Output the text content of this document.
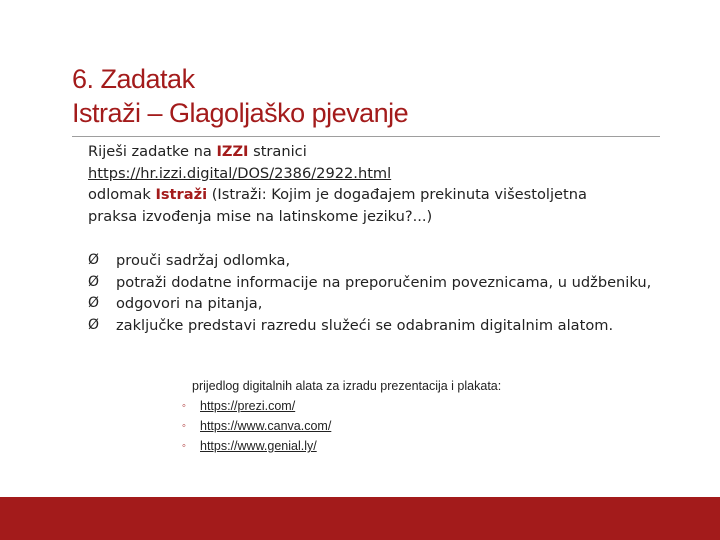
6. Zadatak
Istraži – Glagoljaško pjevanje
Riješi zadatke na IZZI stranici
https://hr.izzi.digital/DOS/2386/2922.html
odlomak Istraži (Istraži: Kojim je događajem prekinuta višestoljetna
praksa izvođenja mise na latinskome jeziku?...)
Ø	prouči sadržaj odlomka,
Ø	potraži dodatne informacije na preporučenim poveznicama, u udžbeniku,
Ø	odgovori na pitanja,
Ø	zaključke predstavi razredu služeći se odabranim digitalnim alatom.
prijedlog digitalnih alata za izradu prezentacija i plakata:
◦ https://prezi.com/
◦ https://www.canva.com/
◦ https://www.genial.ly/
